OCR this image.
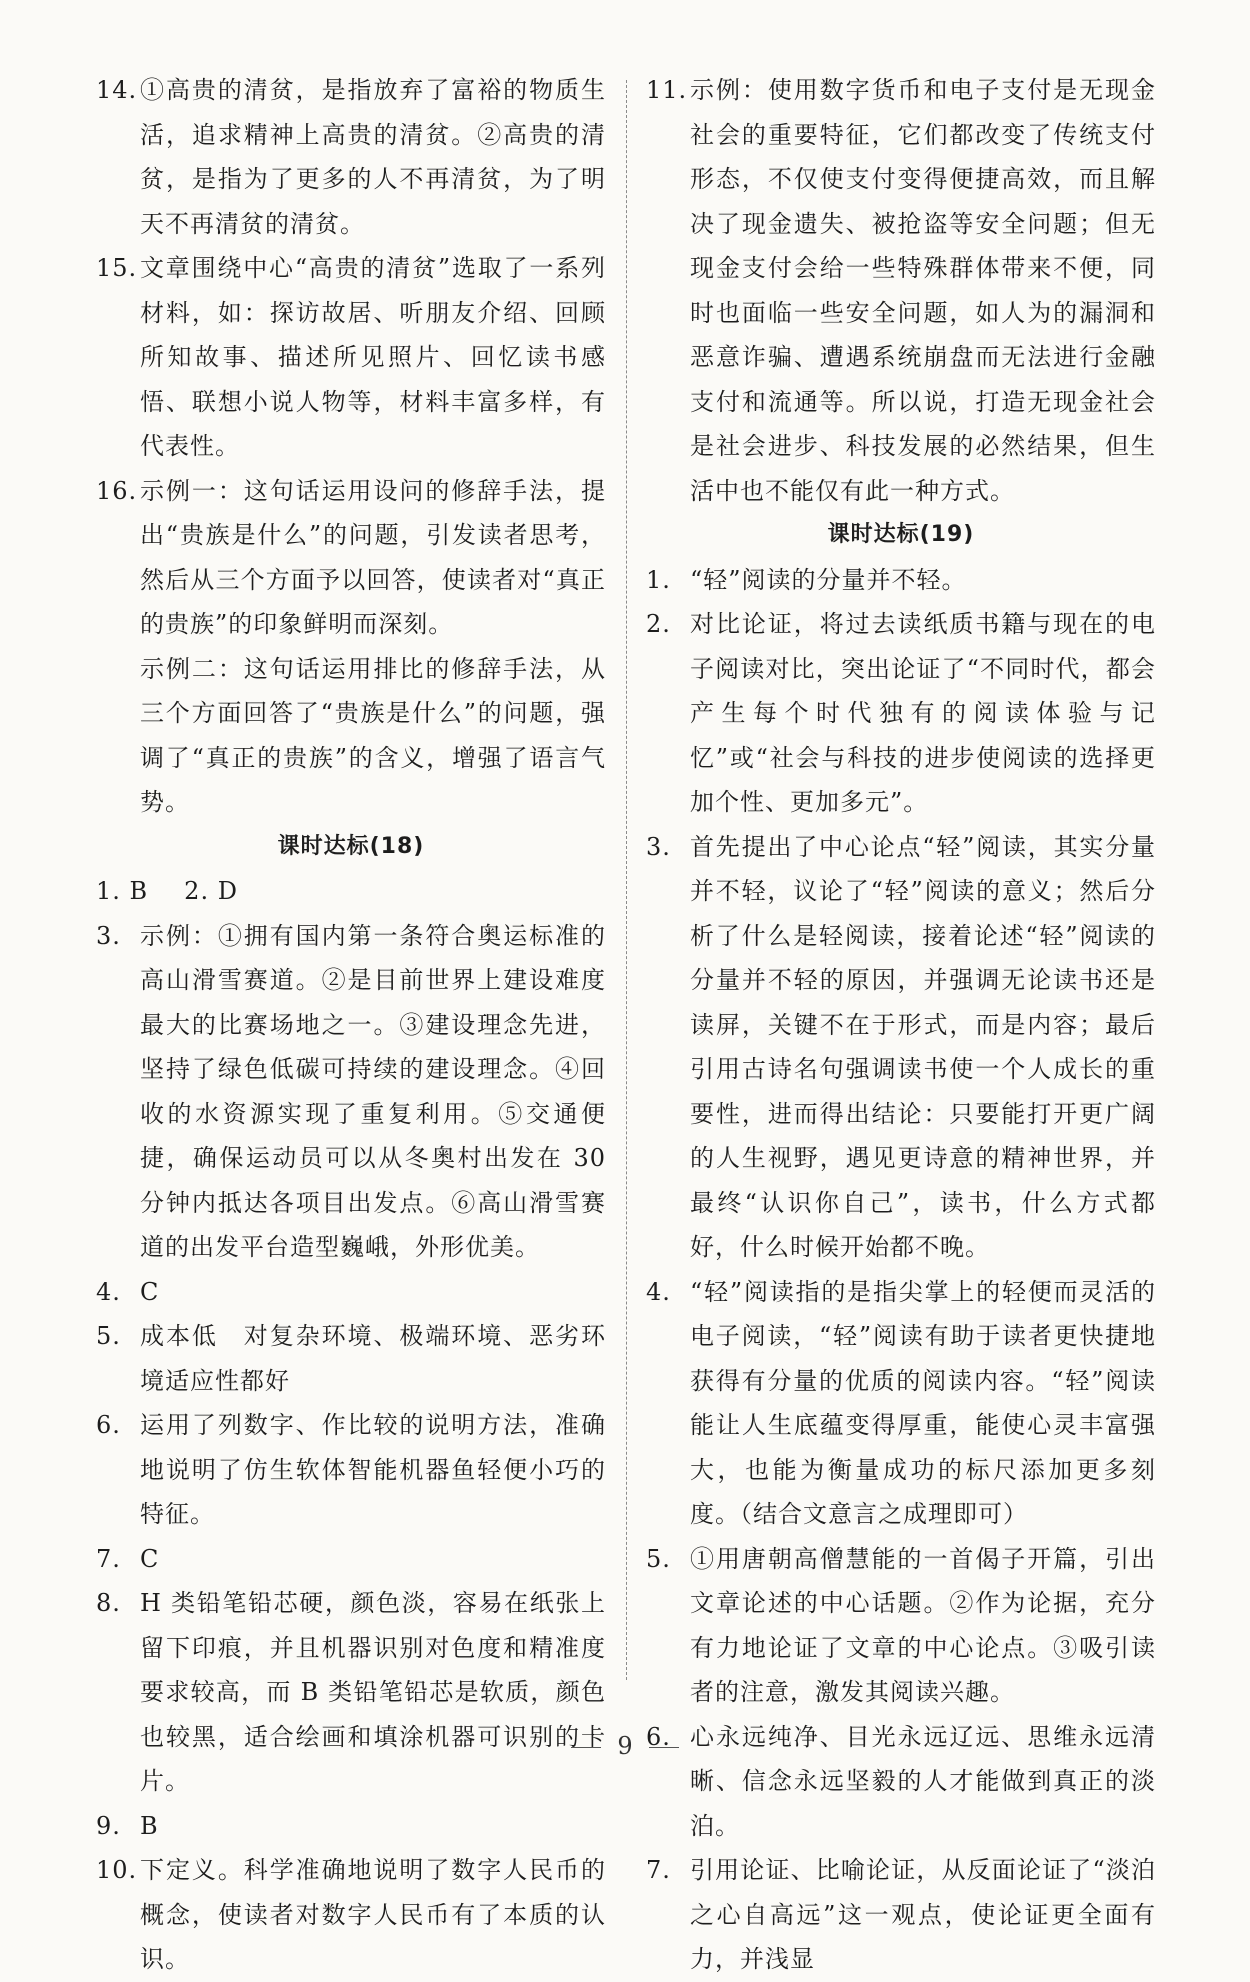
14. ①高贵的清贫，是指放弃了富裕的物质生活，追求精神上高贵的清贫。②高贵的清贫，是指为了更多的人不再清贫，为了明天不再清贫的清贫。
15. 文章围绕中心“高贵的清贫”选取了一系列材料，如：探访故居、听朋友介绍、回顾所知故事、描述所见照片、回忆读书感悟、联想小说人物等，材料丰富多样，有代表性。
16. 示例一：这句话运用设问的修辞手法，提出“贵族是什么”的问题，引发读者思考，然后从三个方面予以回答，使读者对“真正的贵族”的印象鲜明而深刻。
示例二：这句话运用排比的修辞手法，从三个方面回答了“贵族是什么”的问题，强调了“真正的贵族”的含义，增强了语言气势。
课时达标(18)
1. B 2. D
3. 示例：①拥有国内第一条符合奥运标准的高山滑雪赛道。②是目前世界上建设难度最大的比赛场地之一。③建设理念先进，坚持了绿色低碳可持续的建设理念。④回收的水资源实现了重复利用。⑤交通便捷，确保运动员可以从冬奥村出发在 30 分钟内抵达各项目出发点。⑥高山滑雪赛道的出发平台造型巍峨，外形优美。
4. C
5. 成本低　对复杂环境、极端环境、恶劣环境适应性都好
6. 运用了列数字、作比较的说明方法，准确地说明了仿生软体智能机器鱼轻便小巧的特征。
7. C
8. H 类铅笔铅芯硬，颜色淡，容易在纸张上留下印痕，并且机器识别对色度和精准度要求较高，而 B 类铅笔铅芯是软质，颜色也较黑，适合绘画和填涂机器可识别的卡片。
9. B
10. 下定义。科学准确地说明了数字人民币的概念，使读者对数字人民币有了本质的认识。
11. 示例：使用数字货币和电子支付是无现金社会的重要特征，它们都改变了传统支付形态，不仅使支付变得便捷高效，而且解决了现金遗失、被抢盗等安全问题；但无现金支付会给一些特殊群体带来不便，同时也面临一些安全问题，如人为的漏洞和恶意诈骗、遭遇系统崩盘而无法进行金融支付和流通等。所以说，打造无现金社会是社会进步、科技发展的必然结果，但生活中也不能仅有此一种方式。
课时达标(19)
1. “轻”阅读的分量并不轻。
2. 对比论证，将过去读纸质书籍与现在的电子阅读对比，突出论证了“不同时代，都会产生每个时代独有的阅读体验与记忆”或“社会与科技的进步使阅读的选择更加个性、更加多元”。
3. 首先提出了中心论点“轻”阅读，其实分量并不轻，议论了“轻”阅读的意义；然后分析了什么是轻阅读，接着论述“轻”阅读的分量并不轻的原因，并强调无论读书还是读屏，关键不在于形式，而是内容；最后引用古诗名句强调读书使一个人成长的重要性，进而得出结论：只要能打开更广阔的人生视野，遇见更诗意的精神世界，并最终“认识你自己”，读书，什么方式都好，什么时候开始都不晚。
4. “轻”阅读指的是指尖掌上的轻便而灵活的电子阅读，“轻”阅读有助于读者更快捷地获得有分量的优质的阅读内容。“轻”阅读能让人生底蕴变得厚重，能使心灵丰富强大，也能为衡量成功的标尺添加更多刻度。（结合文意言之成理即可）
5. ①用唐朝高僧慧能的一首偈子开篇，引出文章论述的中心话题。②作为论据，充分有力地论证了文章的中心论点。③吸引读者的注意，激发其阅读兴趣。
6. 心永远纯净、目光永远辽远、思维永远清晰、信念永远坚毅的人才能做到真正的淡泊。
7. 引用论证、比喻论证，从反面论证了“淡泊之心自高远”这一观点，使论证更全面有力，并浅显
9
